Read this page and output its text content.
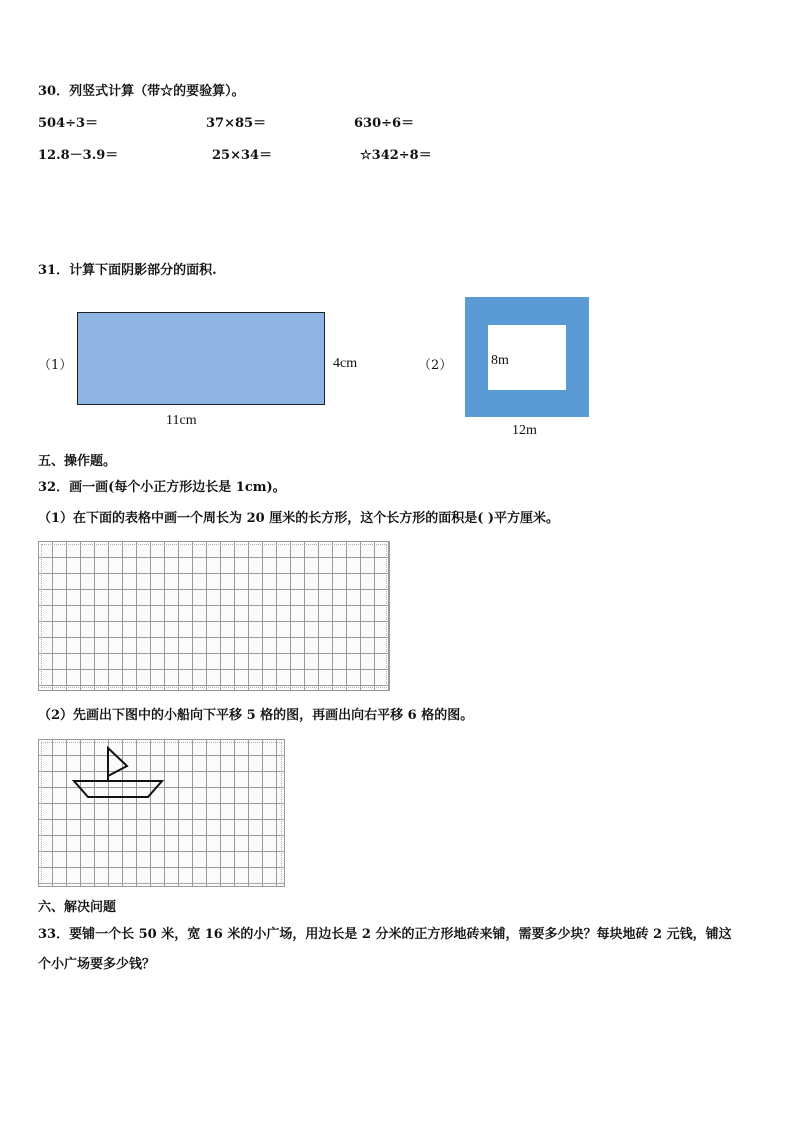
30．列竖式计算（带☆的要验算）。
504÷3＝	37×85＝	630÷6＝
12.8－3.9＝	25×34＝	☆342÷8＝
31．计算下面阴影部分的面积.
（1）	4cm
11cm
（2）	8m
12m
五、操作题。
32．画一画(每个小正方形边长是 1cm)。
（1）在下面的表格中画一个周长为 20 厘米的长方形，这个长方形的面积是( )平方厘米。
（2）先画出下图中的小船向下平移 5 格的图，再画出向右平移 6 格的图。
六、解决问题
33．要铺一个长 50 米，宽 16 米的小广场，用边长是 2 分米的正方形地砖来铺，需要多少块？每块地砖 2 元钱，铺这
个小广场要多少钱？
